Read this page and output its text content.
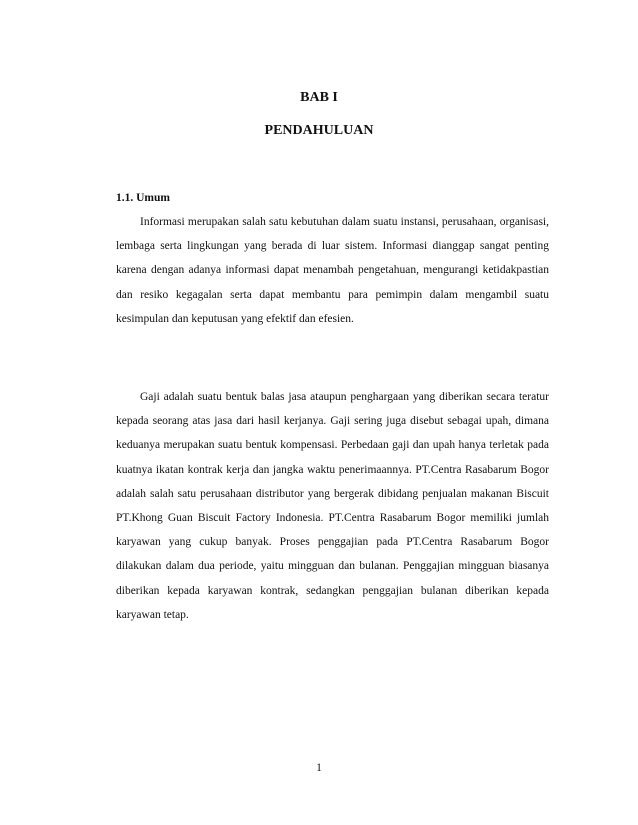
BAB I
PENDAHULUAN
1.1. Umum

Informasi merupakan salah satu kebutuhan dalam suatu instansi, perusahaan, organisasi, lembaga serta lingkungan yang berada di luar sistem. Informasi dianggap sangat penting karena dengan adanya informasi dapat menambah pengetahuan, mengurangi ketidakpastian dan resiko kegagalan serta dapat membantu para pemimpin dalam mengambil suatu kesimpulan dan keputusan yang efektif dan efesien.

Gaji adalah suatu bentuk balas jasa ataupun penghargaan yang diberikan secara teratur kepada seorang atas jasa dari hasil kerjanya. Gaji sering juga disebut sebagai upah, dimana keduanya merupakan suatu bentuk kompensasi. Perbedaan gaji dan upah hanya terletak pada kuatnya ikatan kontrak kerja dan jangka waktu penerimaannya. PT.Centra Rasabarum Bogor adalah salah satu perusahaan distributor yang bergerak dibidang penjualan makanan Biscuit PT.Khong Guan Biscuit Factory Indonesia. PT.Centra Rasabarum Bogor memiliki jumlah karyawan yang cukup banyak. Proses penggajian pada PT.Centra Rasabarum Bogor dilakukan dalam dua periode, yaitu mingguan dan bulanan. Penggajian mingguan biasanya diberikan kepada karyawan kontrak, sedangkan penggajian bulanan diberikan kepada karyawan tetap.

1
